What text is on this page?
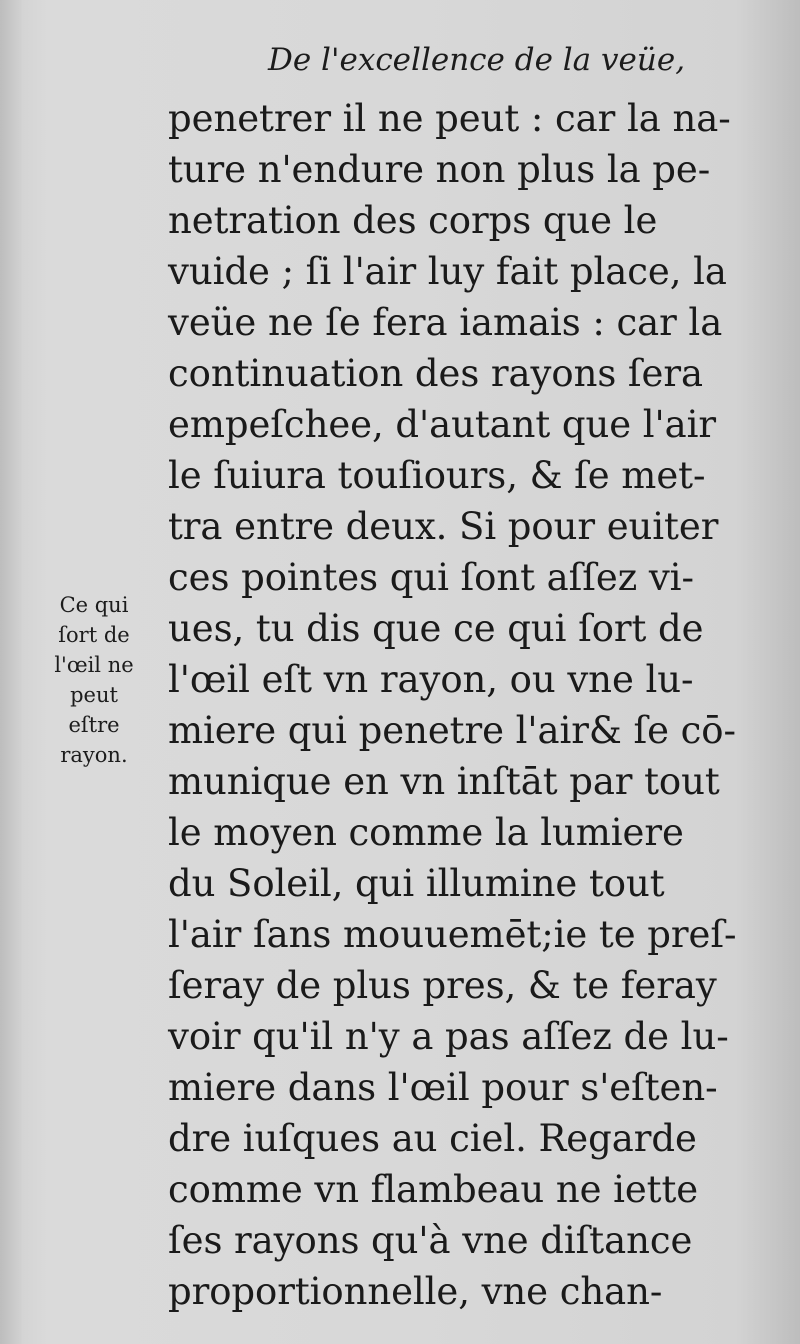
De l'excellence de la veüe,
Ce qui
ſort de
l'œil ne
peut
eſtre
rayon.
penetrer il ne peut : car la na-
ture n'endure non plus la pe-
netration des corps que le
vuide ; ſi l'air luy fait place, la
veüe ne ſe fera iamais : car la
continuation des rayons ſera
empeſchee, d'autant que l'air
le ſuiura touſiours, & ſe met-
tra entre deux. Si pour euiter
ces pointes qui ſont aſſez vi-
ues, tu dis que ce qui ſort de
l'œil eſt vn rayon, ou vne lu-
miere qui penetre l'air& ſe cō-
munique en vn inſtāt par tout
le moyen comme la lumiere
du Soleil, qui illumine tout
l'air ſans mouuemēt;ie te preſ-
ſeray de plus pres, & te feray
voir qu'il n'y a pas aſſez de lu-
miere dans l'œil pour s'eſten-
dre iuſques au ciel. Regarde
comme vn flambeau ne iette
ſes rayons qu'à vne diſtance
proportionnelle, vne chan-
